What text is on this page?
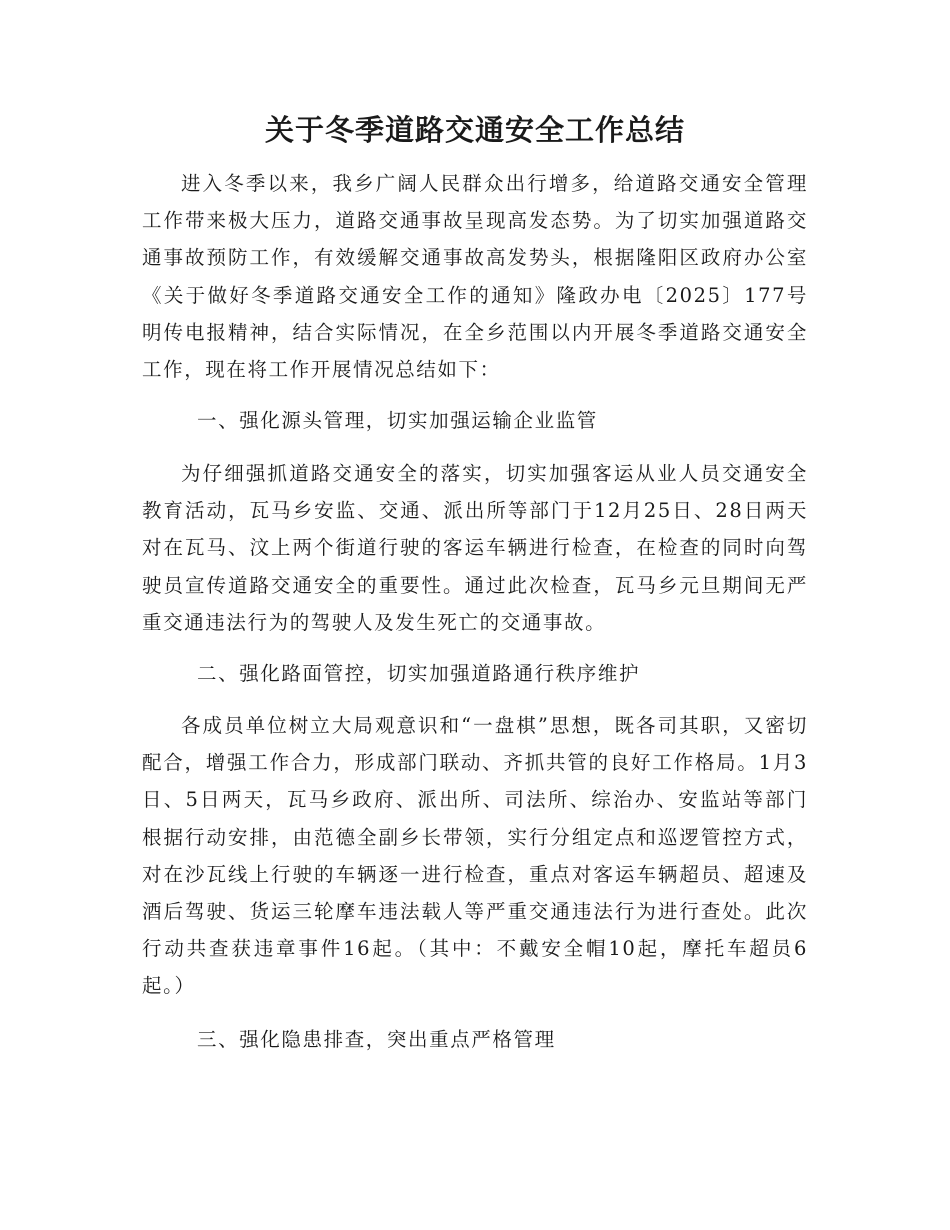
关于冬季道路交通安全工作总结

进入冬季以来，我乡广阔人民群众出行增多，给道路交通安全管理工作带来极大压力，道路交通事故呈现高发态势。为了切实加强道路交通事故预防工作，有效缓解交通事故高发势头，根据隆阳区政府办公室《关于做好冬季道路交通安全工作的通知》隆政办电〔2025〕177号明传电报精神，结合实际情况，在全乡范围以内开展冬季道路交通安全工作，现在将工作开展情况总结如下：

一、强化源头管理，切实加强运输企业监管

为仔细强抓道路交通安全的落实，切实加强客运从业人员交通安全教育活动，瓦马乡安监、交通、派出所等部门于12月25日、28日两天对在瓦马、汶上两个街道行驶的客运车辆进行检查，在检查的同时向驾驶员宣传道路交通安全的重要性。通过此次检查，瓦马乡元旦期间无严重交通违法行为的驾驶人及发生死亡的交通事故。

二、强化路面管控，切实加强道路通行秩序维护

各成员单位树立大局观意识和“一盘棋”思想，既各司其职，又密切配合，增强工作合力，形成部门联动、齐抓共管的良好工作格局。1月3日、5日两天，瓦马乡政府、派出所、司法所、综治办、安监站等部门根据行动安排，由范德全副乡长带领，实行分组定点和巡逻管控方式，对在沙瓦线上行驶的车辆逐一进行检查，重点对客运车辆超员、超速及酒后驾驶、货运三轮摩车违法载人等严重交通违法行为进行查处。此次行动共查获违章事件16起。（其中：不戴安全帽10起，摩托车超员6起。）

三、强化隐患排查，突出重点严格管理
